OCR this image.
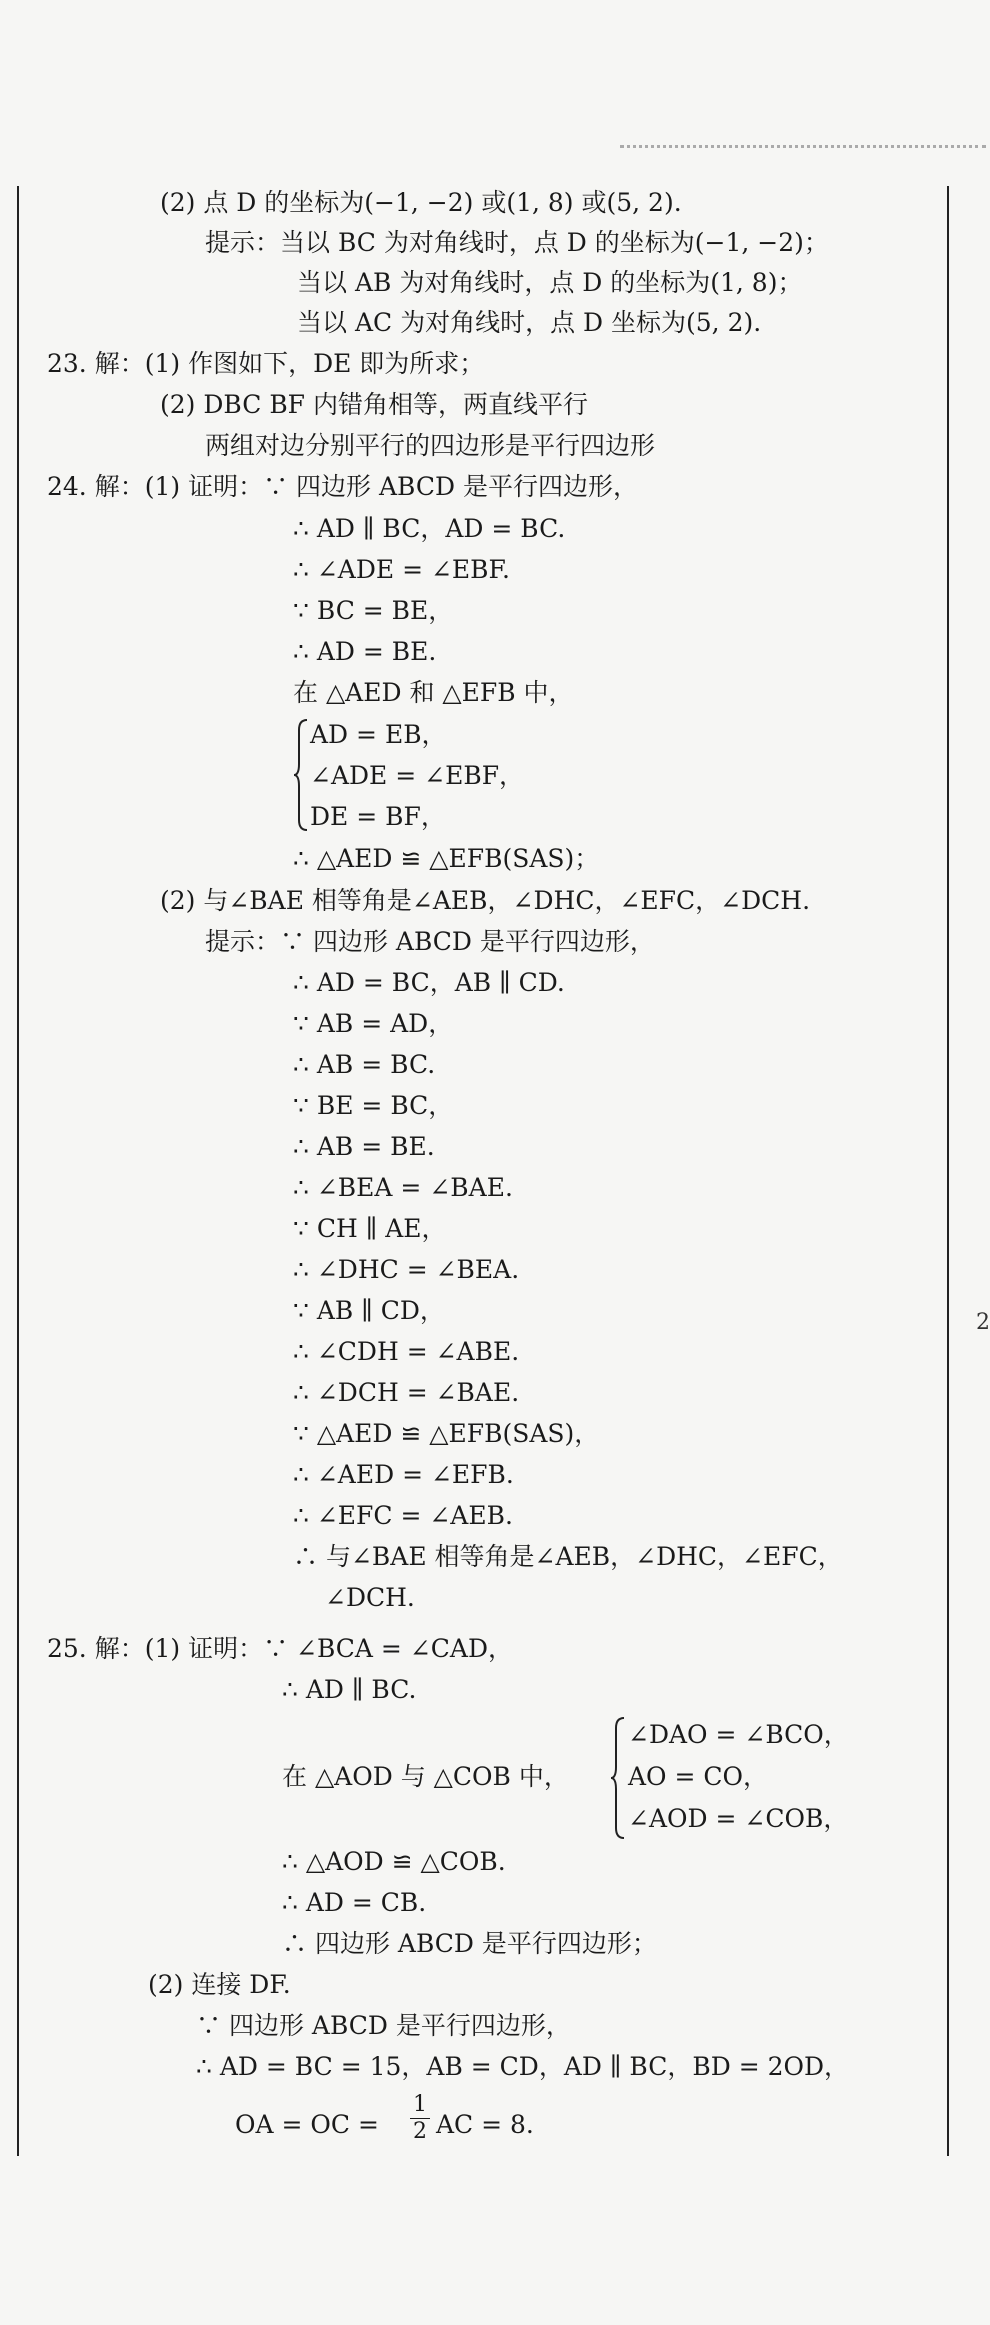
2
(2) 点 D 的坐标为(−1, −2) 或(1, 8) 或(5, 2).
提示：当以 BC 为对角线时，点 D 的坐标为(−1, −2)；
当以 AB 为对角线时，点 D 的坐标为(1, 8)；
当以 AC 为对角线时，点 D 坐标为(5, 2).
23. 解：(1) 作图如下，DE 即为所求；
(2) DBC BF 内错角相等，两直线平行
两组对边分别平行的四边形是平行四边形
24. 解：(1) 证明：∵ 四边形 ABCD 是平行四边形，
∴ AD ∥ BC，AD = BC.
∴ ∠ADE = ∠EBF.
∵ BC = BE，
∴ AD = BE.
在 △AED 和 △EFB 中，
AD = EB，
∠ADE = ∠EBF，
DE = BF，
∴ △AED ≌ △EFB(SAS)；
(2) 与∠BAE 相等角是∠AEB，∠DHC，∠EFC，∠DCH.
提示：∵ 四边形 ABCD 是平行四边形，
∴ AD = BC，AB ∥ CD.
∵ AB = AD，
∴ AB = BC.
∵ BE = BC，
∴ AB = BE.
∴ ∠BEA = ∠BAE.
∵ CH ∥ AE，
∴ ∠DHC = ∠BEA.
∵ AB ∥ CD，
∴ ∠CDH = ∠ABE.
∴ ∠DCH = ∠BAE.
∵ △AED ≌ △EFB(SAS)，
∴ ∠AED = ∠EFB.
∴ ∠EFC = ∠AEB.
∴ 与∠BAE 相等角是∠AEB，∠DHC，∠EFC，
∠DCH.
25. 解：(1) 证明：∵ ∠BCA = ∠CAD，
∴ AD ∥ BC.
∠DAO = ∠BCO，
在 △AOD 与 △COB 中， AO = CO，
∠AOD = ∠COB，
∴ △AOD ≌ △COB.
∴ AD = CB.
∴ 四边形 ABCD 是平行四边形；
(2) 连接 DF.
∵ 四边形 ABCD 是平行四边形，
∴ AD = BC = 15，AB = CD，AD ∥ BC，BD = 2OD，
OA = OC =
1
2 AC = 8.
